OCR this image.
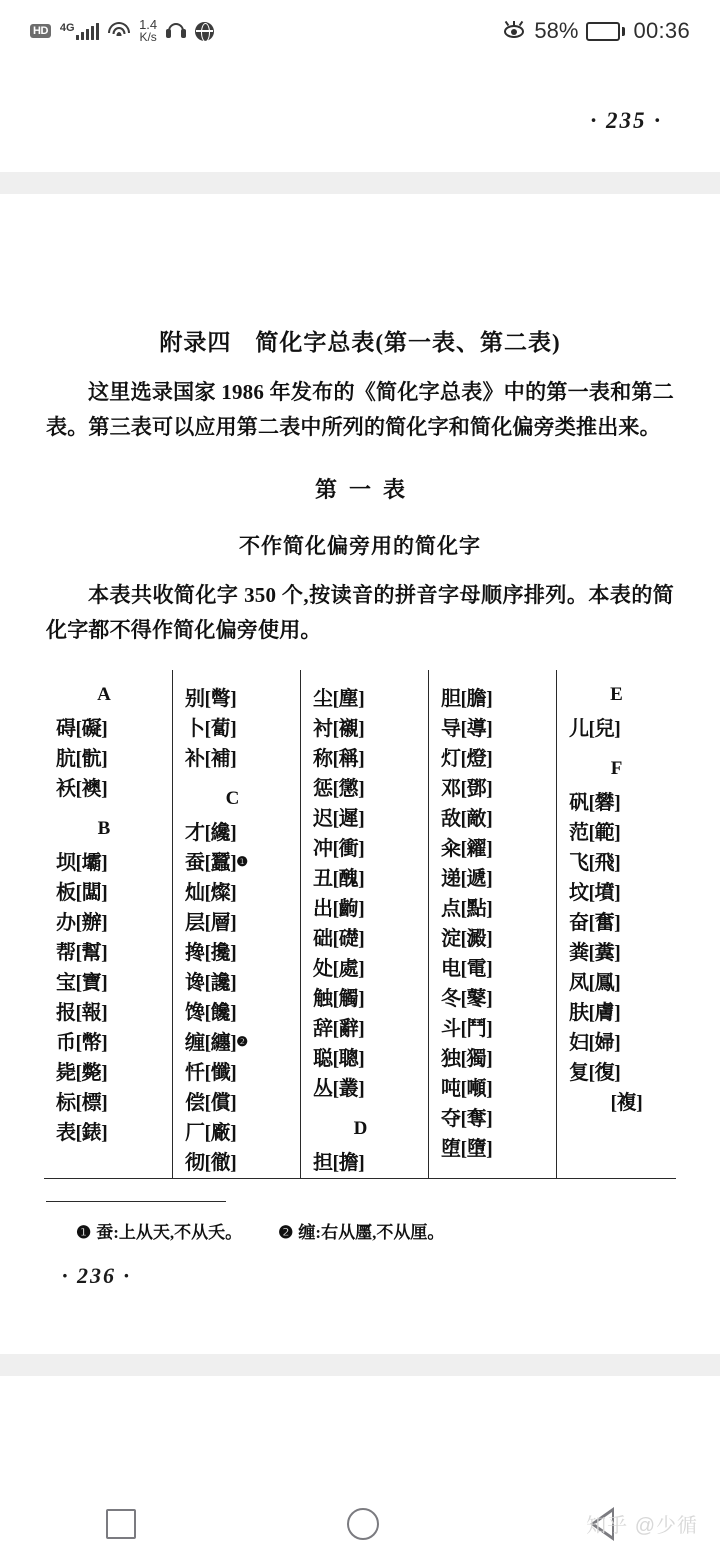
HD 4G	1.4
K/s	58%	00:36
· 235 ·
附录四　简化字总表(第一表、第二表)
这里选录国家 1986 年发布的《简化字总表》中的第一表和第二表。第三表可以应用第二表中所列的简化字和简化偏旁类推出来。
第一表
不作简化偏旁用的简化字
本表共收简化字 350 个,按读音的拼音字母顺序排列。本表的简化字都不得作简化偏旁使用。
A
碍[礙]
肮[骯]
袄[襖]
B
坝[壩]
板[闆]
办[辦]
帮[幫]
宝[寶]
报[報]
币[幣]
毙[斃]
标[標]
表[錶]
别[彆]
卜[蔔]
补[補]
C
才[纔]
蚕[蠶]$^❶$
灿[燦]
层[層]
搀[攙]
谗[讒]
馋[饞]
缠[纏]$^❷$
忏[懺]
偿[償]
厂[廠]
彻[徹]
尘[塵]
衬[襯]
称[稱]
惩[懲]
迟[遲]
冲[衝]
丑[醜]
出[齣]
础[礎]
处[處]
触[觸]
辞[辭]
聪[聰]
丛[叢]
D
担[擔]
胆[膽]
导[導]
灯[燈]
邓[鄧]
敌[敵]
籴[糴]
递[遞]
点[點]
淀[澱]
电[電]
冬[鼕]
斗[鬥]
独[獨]
吨[噸]
夺[奪]
堕[墮]
E
儿[兒]
F
矾[礬]
范[範]
飞[飛]
坟[墳]
奋[奮]
粪[糞]
凤[鳳]
肤[膚]
妇[婦]
复[復]
　[複]
❶ 蚕:上从天,不从夭。 ❷ 缠:右从㕓,不从厘。
· 236 ·
知乎 @少循
